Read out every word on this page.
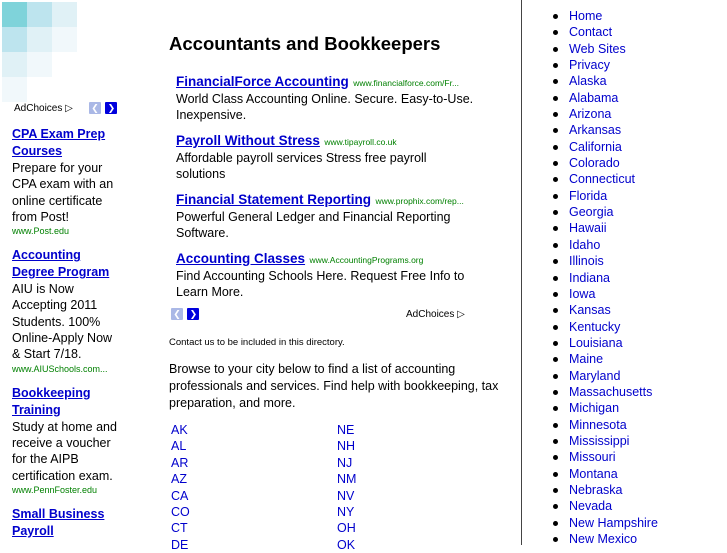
AdChoices ▷ ❮ ❯
CPA Exam Prep Courses
Prepare for your CPA exam with an online certificate from Post!
www.Post.edu
Accounting Degree Program
AIU is Now Accepting 2011 Students. 100% Online-Apply Now & Start 7/18.
www.AIUSchools.com...
Bookkeeping Training
Study at home and receive a voucher for the AIPB certification exam.
www.PennFoster.edu
Small Business Payroll
Accountants and Bookkeepers
FinancialForce Accounting www.financialforce.com/Fr...
World Class Accounting Online. Secure. Easy-to-Use. Inexpensive.
Payroll Without Stress www.tipayroll.co.uk
Affordable payroll services Stress free payroll solutions
Financial Statement Reporting www.prophix.com/rep...
Powerful General Ledger and Financial Reporting Software.
Accounting Classes www.AccountingPrograms.org
Find Accounting Schools Here. Request Free Info to Learn More.
❮ ❯	AdChoices ▷
Contact us to be included in this directory.
Browse to your city below to find a list of accounting professionals and services. Find help with bookkeeping, tax preparation, and more.
AK
AL
AR
AZ
CA
CO
CT
DE
NE
NH
NJ
NM
NV
NY
OH
OK
Home
Contact
Web Sites
Privacy
Alaska
Alabama
Arizona
Arkansas
California
Colorado
Connecticut
Florida
Georgia
Hawaii
Idaho
Illinois
Indiana
Iowa
Kansas
Kentucky
Louisiana
Maine
Maryland
Massachusetts
Michigan
Minnesota
Mississippi
Missouri
Montana
Nebraska
Nevada
New Hampshire
New Mexico
